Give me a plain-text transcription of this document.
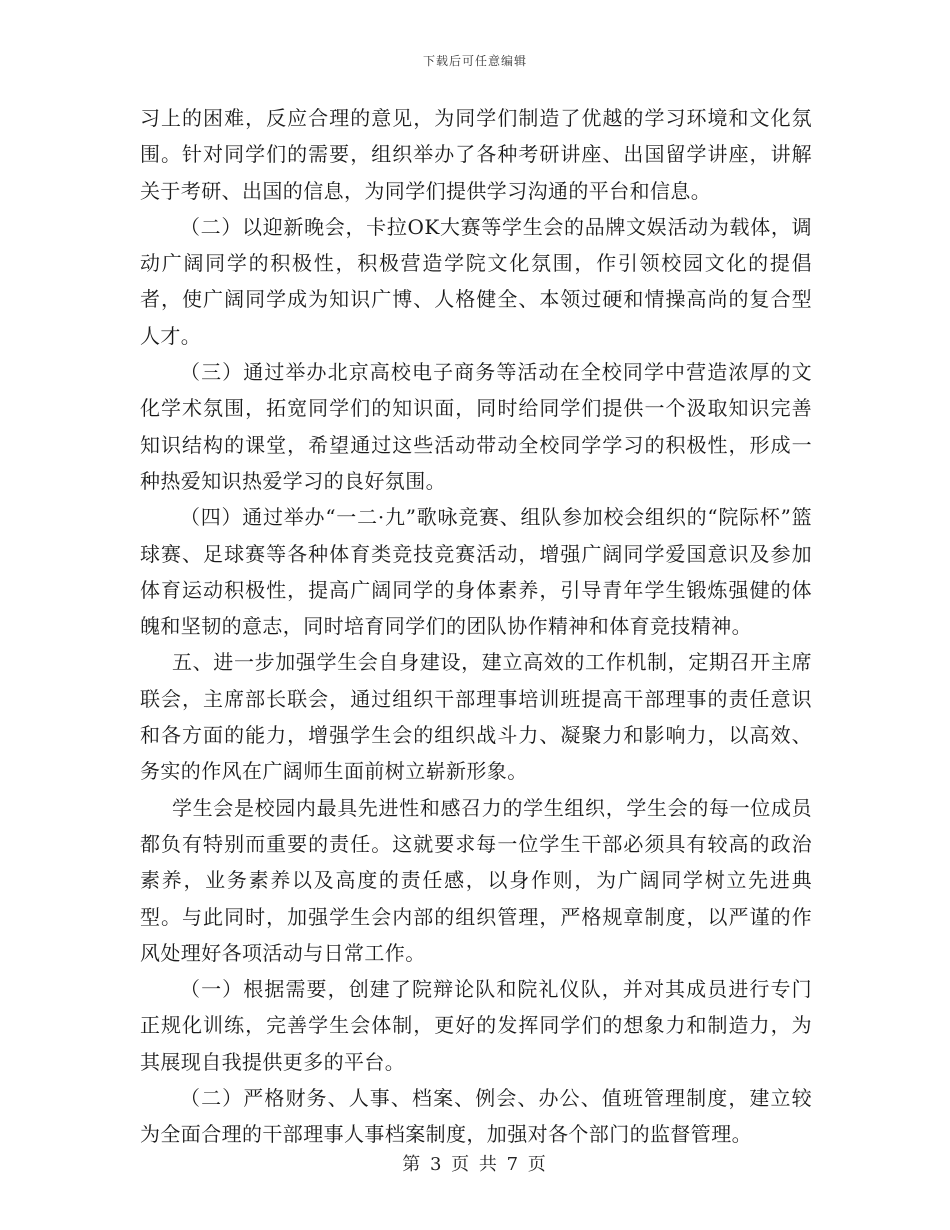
下载后可任意编辑

习上的困难，反应合理的意见，为同学们制造了优越的学习环境和文化氛围。针对同学们的需要，组织举办了各种考研讲座、出国留学讲座，讲解关于考研、出国的信息，为同学们提供学习沟通的平台和信息。

（二）以迎新晚会，卡拉OK大赛等学生会的品牌文娱活动为载体，调动广阔同学的积极性，积极营造学院文化氛围，作引领校园文化的提倡者，使广阔同学成为知识广博、人格健全、本领过硬和情操高尚的复合型人才。

（三）通过举办北京高校电子商务等活动在全校同学中营造浓厚的文化学术氛围，拓宽同学们的知识面，同时给同学们提供一个汲取知识完善知识结构的课堂，希望通过这些活动带动全校同学学习的积极性，形成一种热爱知识热爱学习的良好氛围。

（四）通过举办“一二·九”歌咏竞赛、组队参加校会组织的“院际杯”篮球赛、足球赛等各种体育类竞技竞赛活动，增强广阔同学爱国意识及参加体育运动积极性，提高广阔同学的身体素养，引导青年学生锻炼强健的体魄和坚韧的意志，同时培育同学们的团队协作精神和体育竞技精神。

五、进一步加强学生会自身建设，建立高效的工作机制，定期召开主席联会，主席部长联会，通过组织干部理事培训班提高干部理事的责任意识和各方面的能力，增强学生会的组织战斗力、凝聚力和影响力，以高效、务实的作风在广阔师生面前树立崭新形象。

学生会是校园内最具先进性和感召力的学生组织，学生会的每一位成员都负有特别而重要的责任。这就要求每一位学生干部必须具有较高的政治素养，业务素养以及高度的责任感，以身作则，为广阔同学树立先进典型。与此同时，加强学生会内部的组织管理，严格规章制度，以严谨的作风处理好各项活动与日常工作。

（一）根据需要，创建了院辩论队和院礼仪队，并对其成员进行专门正规化训练，完善学生会体制，更好的发挥同学们的想象力和制造力，为其展现自我提供更多的平台。

（二）严格财务、人事、档案、例会、办公、值班管理制度，建立较为全面合理的干部理事人事档案制度，加强对各个部门的监督管理。

第 3 页 共 7 页
